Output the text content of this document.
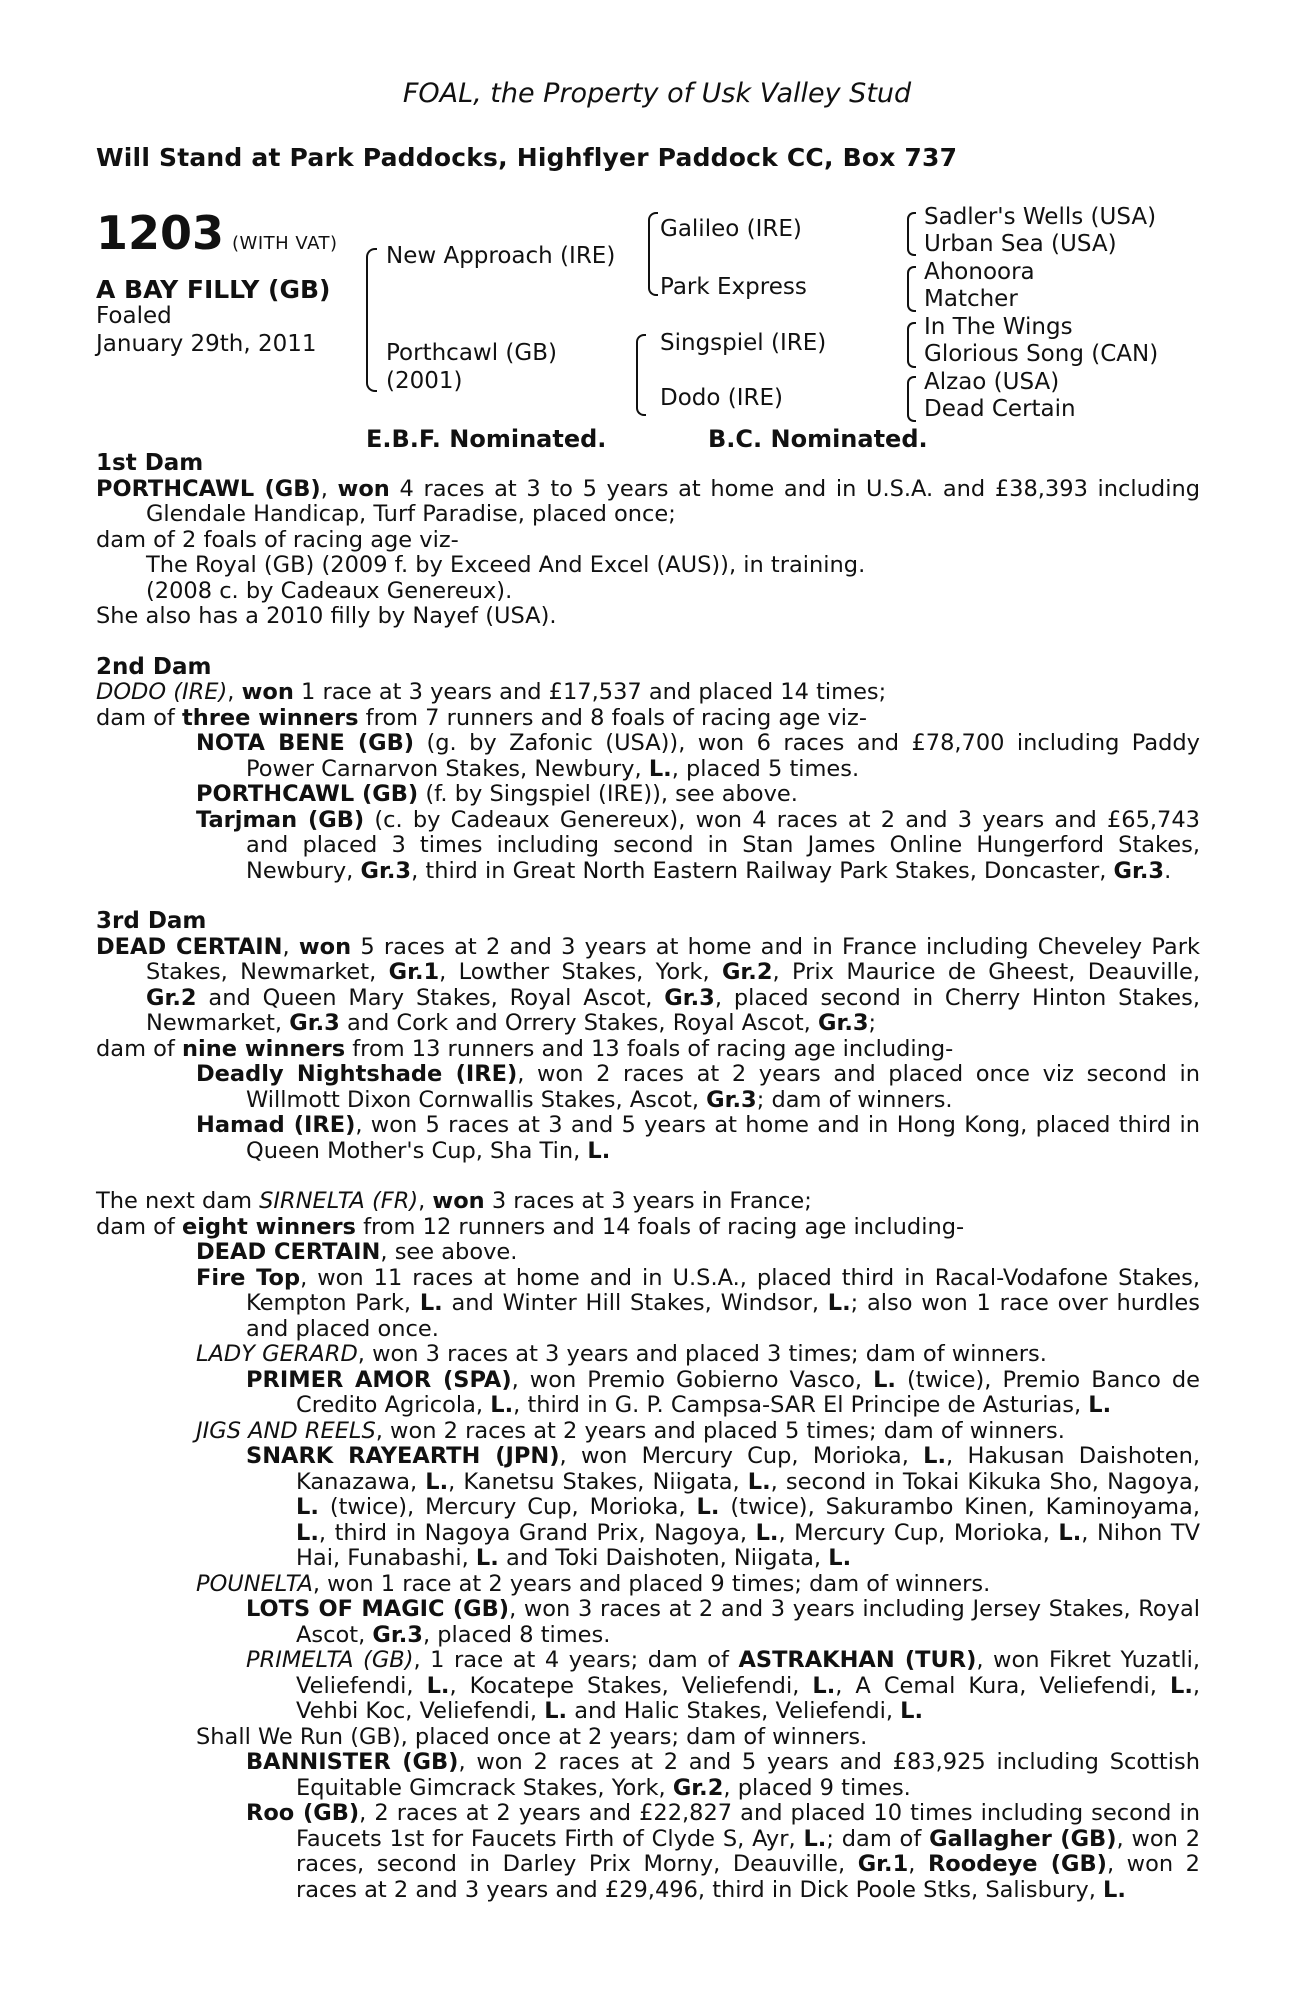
FOAL, the Property of Usk Valley Stud
Will Stand at Park Paddocks, Highflyer Paddock CC, Box 737
1203 (WITH VAT)
A BAY FILLY (GB)
Foaled
January 29th, 2011
New Approach (IRE)
Porthcawl (GB)
(2001)
Galileo (IRE)
Park Express
Singspiel (IRE)
Dodo (IRE)
Sadler's Wells (USA)
Urban Sea (USA)
Ahonoora
Matcher
In The Wings
Glorious Song (CAN)
Alzao (USA)
Dead Certain
E.B.F. Nominated.	B.C. Nominated.

1st Dam

PORTHCAWL (GB), won 4 races at 3 to 5 years at home and in U.S.A. and £38,393 including Glendale Handicap, Turf Paradise, placed once;

dam of 2 foals of racing age viz-

The Royal (GB) (2009 f. by Exceed And Excel (AUS)), in training.

(2008 c. by Cadeaux Genereux).

She also has a 2010 filly by Nayef (USA).

2nd Dam

DODO (IRE), won 1 race at 3 years and £17,537 and placed 14 times;

dam of three winners from 7 runners and 8 foals of racing age viz-

NOTA BENE (GB) (g. by Zafonic (USA)), won 6 races and £78,700 including Paddy Power Carnarvon Stakes, Newbury, L., placed 5 times.

PORTHCAWL (GB) (f. by Singspiel (IRE)), see above.

Tarjman (GB) (c. by Cadeaux Genereux), won 4 races at 2 and 3 years and £65,743 and placed 3 times including second in Stan James Online Hungerford Stakes, Newbury, Gr.3, third in Great North Eastern Railway Park Stakes, Doncaster, Gr.3.

3rd Dam

DEAD CERTAIN, won 5 races at 2 and 3 years at home and in France including Cheveley Park Stakes, Newmarket, Gr.1, Lowther Stakes, York, Gr.2, Prix Maurice de Gheest, Deauville, Gr.2 and Queen Mary Stakes, Royal Ascot, Gr.3, placed second in Cherry Hinton Stakes, Newmarket, Gr.3 and Cork and Orrery Stakes, Royal Ascot, Gr.3;

dam of nine winners from 13 runners and 13 foals of racing age including-

Deadly Nightshade (IRE), won 2 races at 2 years and placed once viz second in Willmott Dixon Cornwallis Stakes, Ascot, Gr.3; dam of winners.

Hamad (IRE), won 5 races at 3 and 5 years at home and in Hong Kong, placed third in Queen Mother's Cup, Sha Tin, L.

The next dam SIRNELTA (FR), won 3 races at 3 years in France;

dam of eight winners from 12 runners and 14 foals of racing age including-

DEAD CERTAIN, see above.

Fire Top, won 11 races at home and in U.S.A., placed third in Racal-Vodafone Stakes, Kempton Park, L. and Winter Hill Stakes, Windsor, L.; also won 1 race over hurdles and placed once.

LADY GERARD, won 3 races at 3 years and placed 3 times; dam of winners.

PRIMER AMOR (SPA), won Premio Gobierno Vasco, L. (twice), Premio Banco de Credito Agricola, L., third in G. P. Campsa-SAR El Principe de Asturias, L.

JIGS AND REELS, won 2 races at 2 years and placed 5 times; dam of winners.

SNARK RAYEARTH (JPN), won Mercury Cup, Morioka, L., Hakusan Daishoten, Kanazawa, L., Kanetsu Stakes, Niigata, L., second in Tokai Kikuka Sho, Nagoya, L. (twice), Mercury Cup, Morioka, L. (twice), Sakurambo Kinen, Kaminoyama, L., third in Nagoya Grand Prix, Nagoya, L., Mercury Cup, Morioka, L., Nihon TV Hai, Funabashi, L. and Toki Daishoten, Niigata, L.

POUNELTA, won 1 race at 2 years and placed 9 times; dam of winners.

LOTS OF MAGIC (GB), won 3 races at 2 and 3 years including Jersey Stakes, Royal Ascot, Gr.3, placed 8 times.

PRIMELTA (GB), 1 race at 4 years; dam of ASTRAKHAN (TUR), won Fikret Yuzatli, Veliefendi, L., Kocatepe Stakes, Veliefendi, L., A Cemal Kura, Veliefendi, L., Vehbi Koc, Veliefendi, L. and Halic Stakes, Veliefendi, L.

Shall We Run (GB), placed once at 2 years; dam of winners.

BANNISTER (GB), won 2 races at 2 and 5 years and £83,925 including Scottish Equitable Gimcrack Stakes, York, Gr.2, placed 9 times.

Roo (GB), 2 races at 2 years and £22,827 and placed 10 times including second in Faucets 1st for Faucets Firth of Clyde S, Ayr, L.; dam of Gallagher (GB), won 2 races, second in Darley Prix Morny, Deauville, Gr.1, Roodeye (GB), won 2 races at 2 and 3 years and £29,496, third in Dick Poole Stks, Salisbury, L.
